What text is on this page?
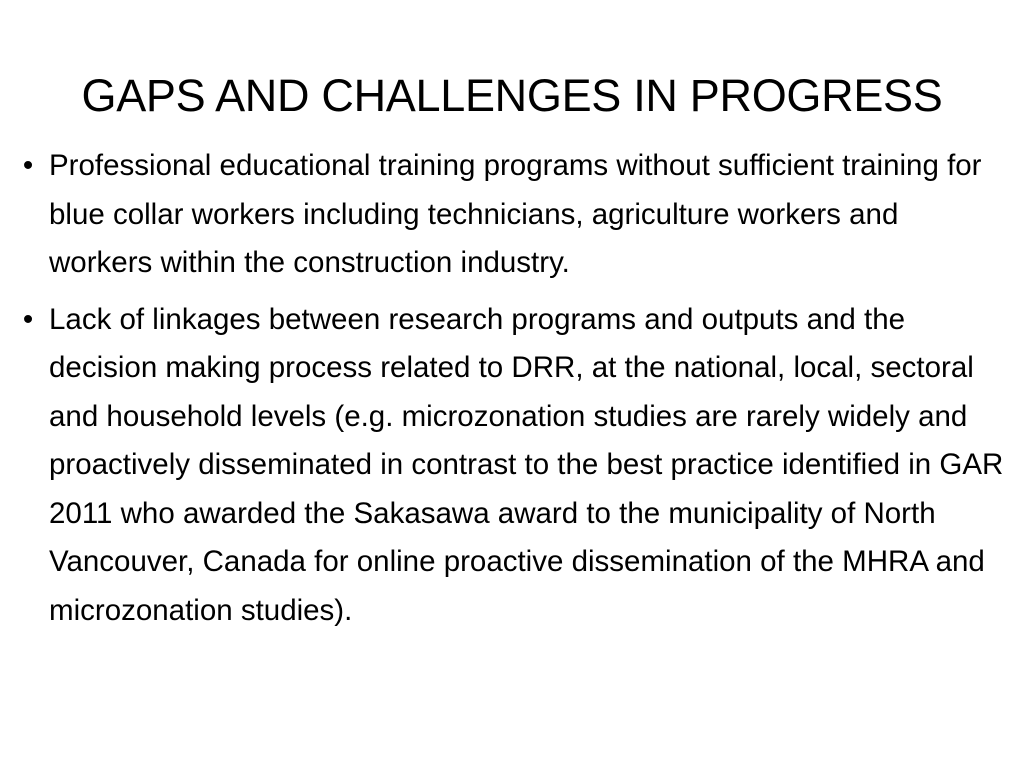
GAPS AND CHALLENGES IN PROGRESS
• Professional educational training programs without sufficient training for blue collar workers including technicians, agriculture workers and workers within the construction industry.
• Lack of linkages between research programs and outputs and the decision making process related to DRR, at the national, local, sectoral and household levels (e.g. microzonation studies are rarely widely and proactively disseminated in contrast to the best practice identified in GAR 2011 who awarded the Sakasawa award to the municipality of North Vancouver, Canada for online proactive dissemination of the MHRA and microzonation studies).
